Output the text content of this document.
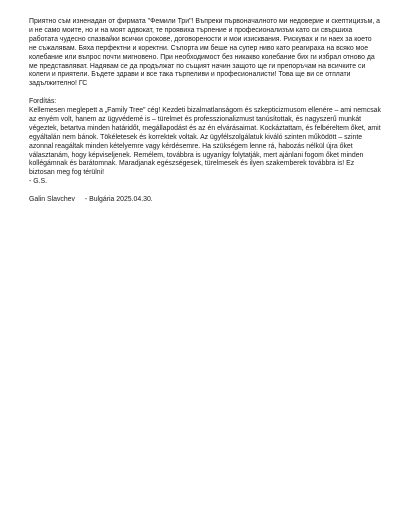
Приятно съм изненадан от фирмата "Фемили Три"! Въпреки първоначалното ми недоверие и скептицизъм, а и не само моите, но и на моят адвокат, те проявиха търпение и професионализъм като си свършиха работата чудесно спазвайки всички срокове, договорености и мои изисквания. Рискувах и ги наех за което не съжалявам. Бяха перфектни и коректни. Съпорта им беше на супер ниво като реагираха на всяко мое колебание или въпрос почти мигновено. При необходимост без никакво колебание бих ги избрал отново да ме представляват. Надявам се да продължат по същият начин защото ще ги препоръчам на всичките си колеги и приятели. Бъдете здрави и все така търпеливи и професионалисти! Това ще ви се отплати задължително! ГС

Fordítás:

Kellemesen meglepett a „Family Tree” cég! Kezdeti bizalmatlanságom és szkepticizmusom ellenére – ami nemcsak az enyém volt, hanem az ügyvédemé is – türelmet és professzionalizmust tanúsítottak, és nagyszerű munkát végeztek, betartva minden határidőt, megállapodást és az én elvárásaimat. Kockáztattam, és felbéreltem őket, amit egyáltalán nem bánok. Tökéletesek és korrektek voltak. Az ügyfélszolgálatuk kiváló szinten működött – szinte azonnal reagáltak minden kételyemre vagy kérdésemre. Ha szükségem lenne rá, habozás nélkül újra őket választanám, hogy képviseljenek. Remélem, továbbra is ugyanígy folytatják, mert ajánlani fogom őket minden kollégámnak és barátomnak. Maradjanak egészségesek, türelmesek és ilyen szakemberek továbbra is! Ez biztosan meg fog térülni!

- G.S.

Galin Slavchev - Bulgária 2025.04.30.
